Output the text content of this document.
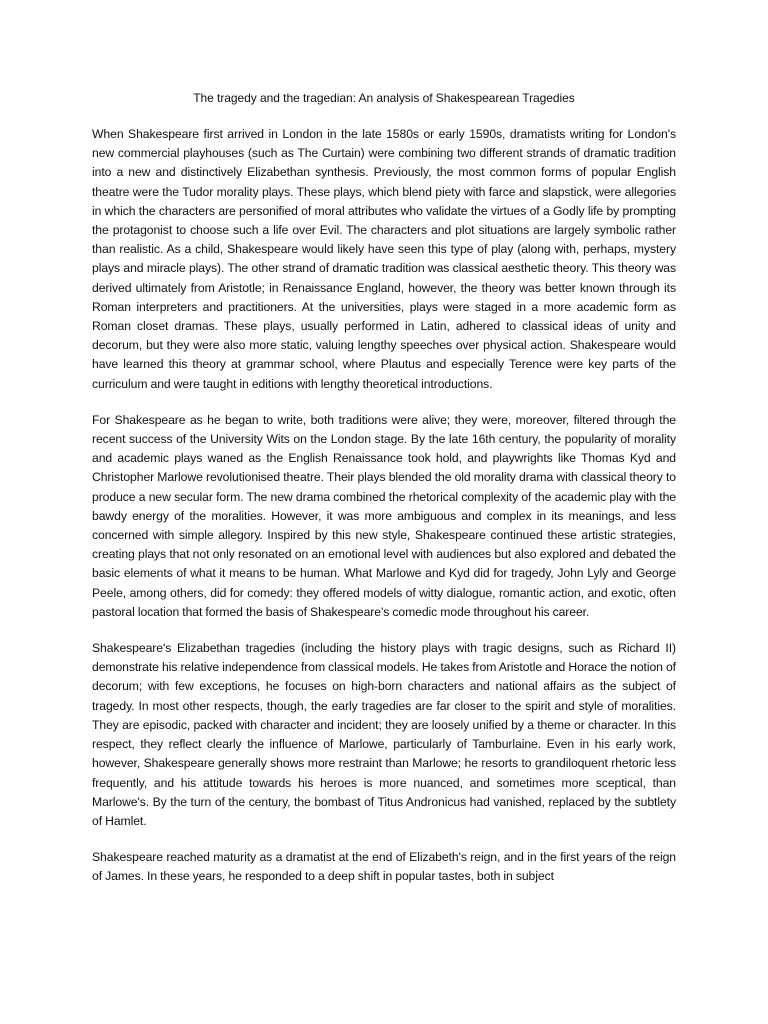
The tragedy and the tragedian: An analysis of Shakespearean Tragedies

When Shakespeare first arrived in London in the late 1580s or early 1590s, dramatists writing for London's new commercial playhouses (such as The Curtain) were combining two different strands of dramatic tradition into a new and distinctively Elizabethan synthesis. Previously, the most common forms of popular English theatre were the Tudor morality plays. These plays, which blend piety with farce and slapstick, were allegories in which the characters are personified of moral attributes who validate the virtues of a Godly life by prompting the protagonist to choose such a life over Evil. The characters and plot situations are largely symbolic rather than realistic. As a child, Shakespeare would likely have seen this type of play (along with, perhaps, mystery plays and miracle plays). The other strand of dramatic tradition was classical aesthetic theory. This theory was derived ultimately from Aristotle; in Renaissance England, however, the theory was better known through its Roman interpreters and practitioners. At the universities, plays were staged in a more academic form as Roman closet dramas. These plays, usually performed in Latin, adhered to classical ideas of unity and decorum, but they were also more static, valuing lengthy speeches over physical action. Shakespeare would have learned this theory at grammar school, where Plautus and especially Terence were key parts of the curriculum and were taught in editions with lengthy theoretical introductions.

For Shakespeare as he began to write, both traditions were alive; they were, moreover, filtered through the recent success of the University Wits on the London stage. By the late 16th century, the popularity of morality and academic plays waned as the English Renaissance took hold, and playwrights like Thomas Kyd and Christopher Marlowe revolutionised theatre. Their plays blended the old morality drama with classical theory to produce a new secular form. The new drama combined the rhetorical complexity of the academic play with the bawdy energy of the moralities. However, it was more ambiguous and complex in its meanings, and less concerned with simple allegory. Inspired by this new style, Shakespeare continued these artistic strategies, creating plays that not only resonated on an emotional level with audiences but also explored and debated the basic elements of what it means to be human. What Marlowe and Kyd did for tragedy, John Lyly and George Peele, among others, did for comedy: they offered models of witty dialogue, romantic action, and exotic, often pastoral location that formed the basis of Shakespeare's comedic mode throughout his career.

Shakespeare's Elizabethan tragedies (including the history plays with tragic designs, such as Richard II) demonstrate his relative independence from classical models. He takes from Aristotle and Horace the notion of decorum; with few exceptions, he focuses on high-born characters and national affairs as the subject of tragedy. In most other respects, though, the early tragedies are far closer to the spirit and style of moralities. They are episodic, packed with character and incident; they are loosely unified by a theme or character. In this respect, they reflect clearly the influence of Marlowe, particularly of Tamburlaine. Even in his early work, however, Shakespeare generally shows more restraint than Marlowe; he resorts to grandiloquent rhetoric less frequently, and his attitude towards his heroes is more nuanced, and sometimes more sceptical, than Marlowe's. By the turn of the century, the bombast of Titus Andronicus had vanished, replaced by the subtlety of Hamlet.

Shakespeare reached maturity as a dramatist at the end of Elizabeth's reign, and in the first years of the reign of James. In these years, he responded to a deep shift in popular tastes, both in subject
